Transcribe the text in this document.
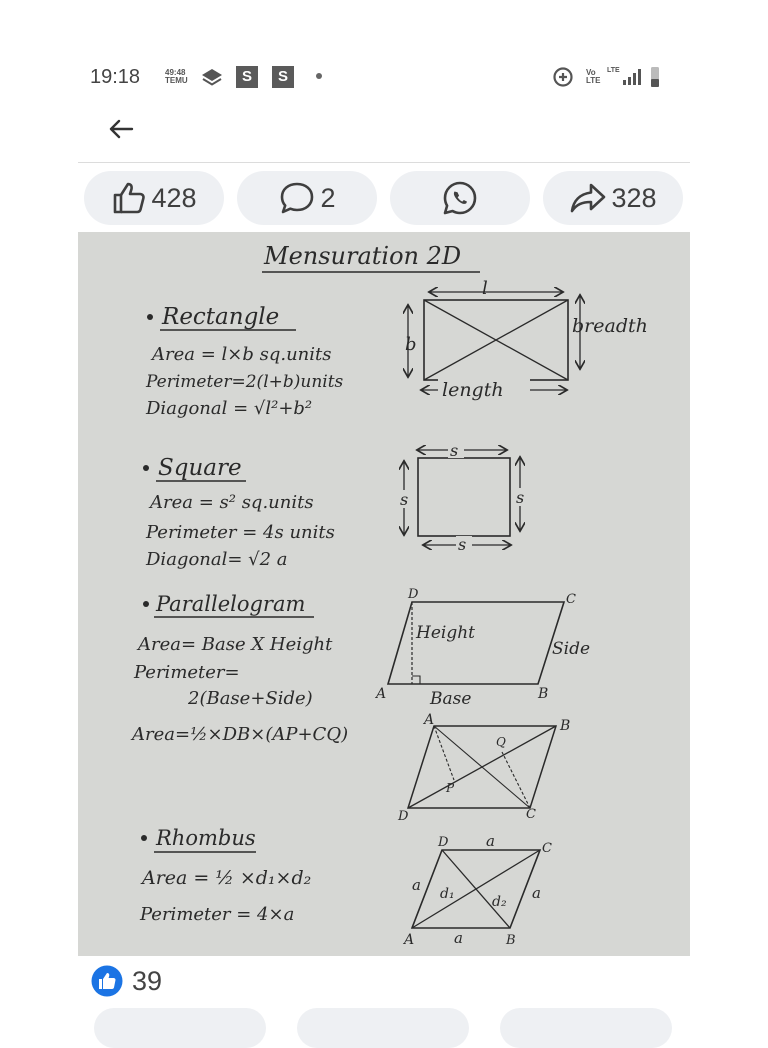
19:18	49:48
TEMU	S	S	Vo
LTE
LTE
428	2	328
Mensuration 2D
Rectangle
Area = l×b sq.units
Perimeter=2(l+b)units
Diagonal = √l²+b²
l
b
breadth
length
Square
Area = s² sq.units
Perimeter = 4s units
Diagonal= √2 a
s
s	s
s
Parallelogram
Area= Base X Height
Perimeter=
2(Base+Side)
Area=½×DB×(AP+CQ)
Height
Side
Base
D	C
A	B
A	B
C
D
P
Q
Rhombus
Area = ½ ×d₁×d₂
Perimeter = 4×a
D	C
A	B
a
a	a
a
d₁	d₂
39
